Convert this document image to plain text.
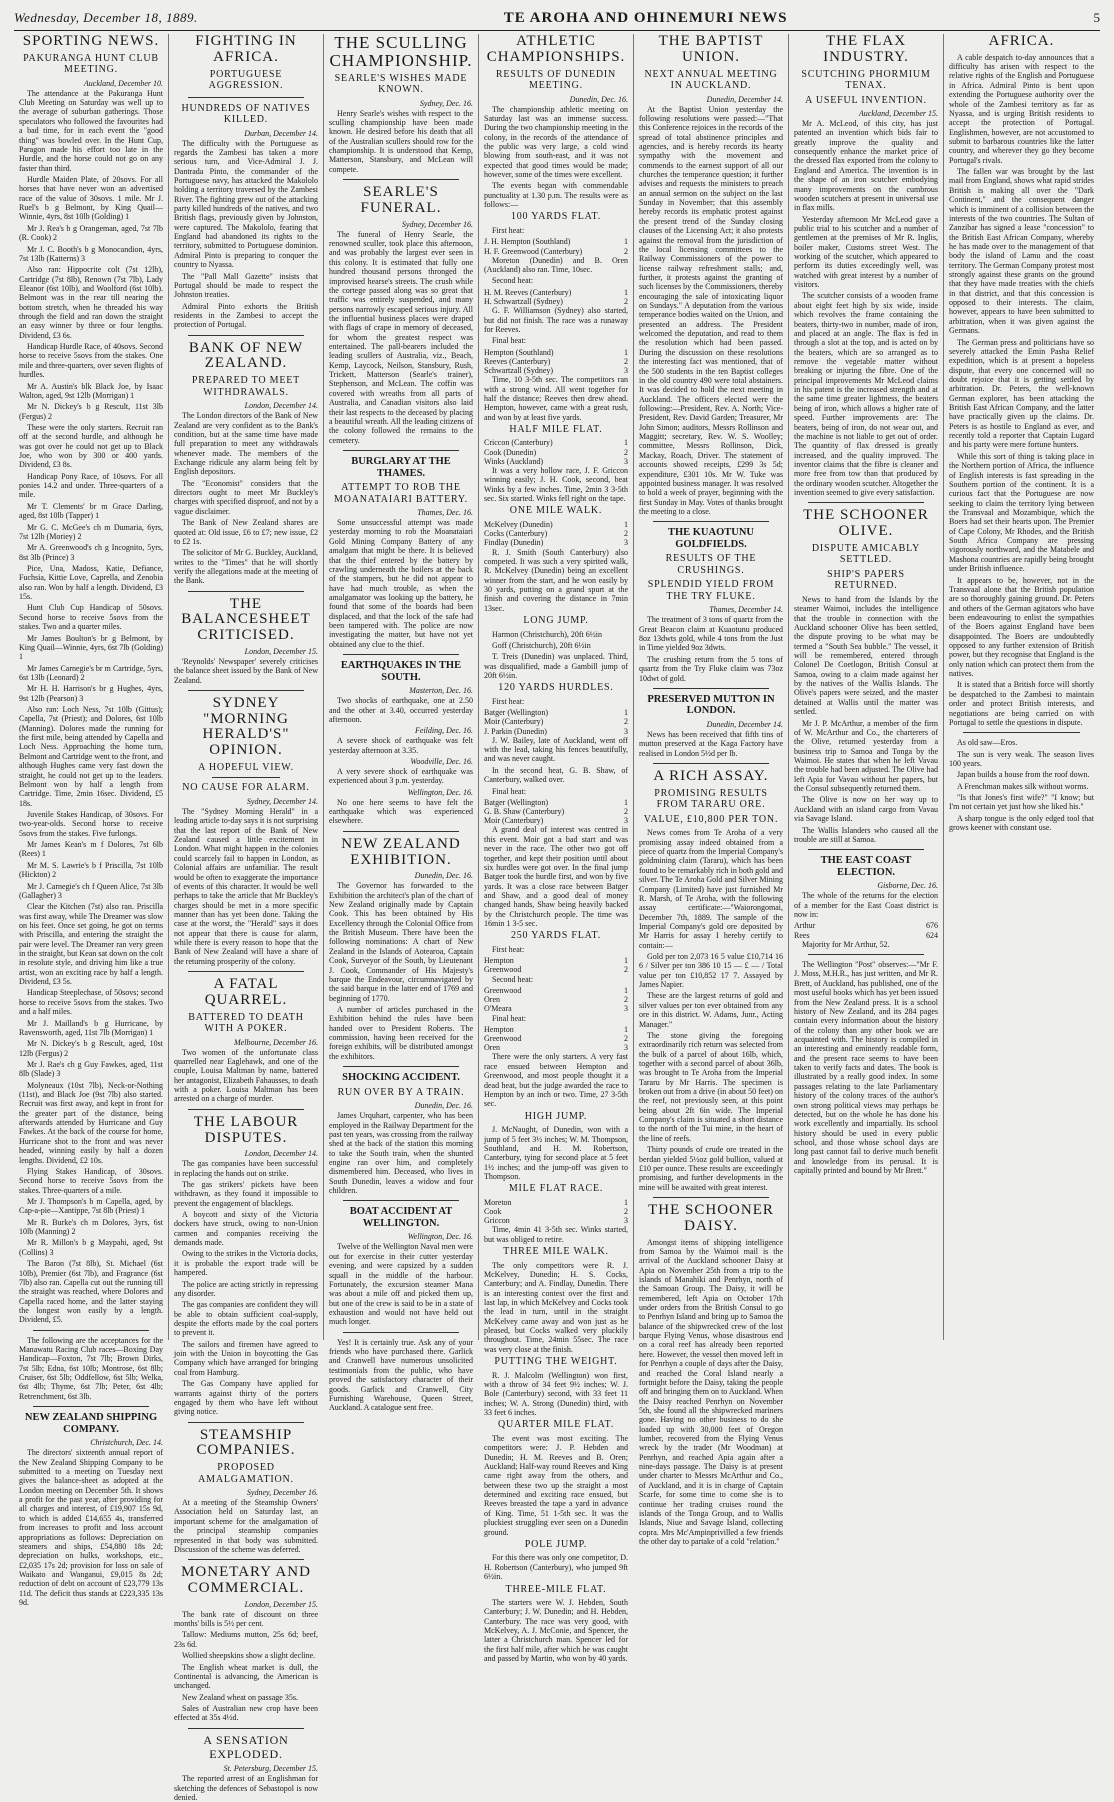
Wednesday, December 18, 1889.	TE AROHA AND OHINEMURI NEWS	5
SPORTING NEWS.
PAKURANGA HUNT CLUB MEETING.
Auckland, December 10.

The attendance at the Pakuranga Hunt Club Meeting on Saturday was well up to the average of suburban gatherings. Those speculators who followed the favourites had a bad time, for in each event the "good thing" was bowled over. In the Hunt Cup, Paragon made his effort too late in the Hurdle, and the horse could not go on any faster than third.

Hurdle Maiden Plate, of 20sovs. For all horses that have never won an advertised race of the value of 30sovs. 1 mile. Mr J. Ruel's b g Belmont, by King Quail—Winnie, 4yrs, 8st 10lb (Golding) 1

Mr J. Rea's b g Orangeman, aged, 7st 7lb (R. Cook) 2

Mr J. C. Booth's b g Monocandion, 4yrs, 7st 13lb (Katterns) 3

Also ran: Hippocrite colt (7st 12lb), Cartridge (7st 8lb), Renown (7st 7lb), Lady Eleanor (6st 10lb), and Woolford (6st 10lb). Belmont was in the rear till nearing the bottom stretch, when he threaded his way through the field and ran down the straight an easy winner by three or four lengths. Dividend, £3 6s.

Handicap Hurdle Race, of 40sovs. Second horse to receive 5sovs from the stakes. One mile and three-quarters, over seven flights of hurdles.

Mr A. Austin's blk Black Joe, by Isaac Walton, aged, 9st 12lb (Morrigan) 1

Mr N. Dickey's b g Rescult, 11st 3lb (Fergus) 2

These were the only starters. Recruit ran off at the second hurdle, and although he was got over he could not get up to Black Joe, who won by 300 or 400 yards. Dividend, £3 8s.

Handicap Pony Race, of 10sovs. For all ponies 14.2 and under. Three-quarters of a mile.

Mr T. Clements' br m Grace Darling, aged, 8st 10lb (Tapper) 1

Mr G. C. McGee's ch m Dumaria, 6yrs, 7st 12lb (Moriey) 2

Mr A. Greenwood's ch g Incognito, 5yrs, 8st 3lb (Prince) 3

Pice, Una, Madoss, Katie, Defiance, Fuchsia, Kittie Love, Caprella, and Zenobia also ran. Won by half a length. Dividend, £3 15s.

Hunt Club Cup Handicap of 50sovs. Second horse to receive 5sovs from the stakes. Two and a quarter miles.

Mr James Boulton's br g Belmont, by King Quail—Winnie, 4yrs, 6st 7lb (Golding) 1

Mr James Carnegie's br m Cartridge, 5yrs, 6st 13lb (Leonard) 2

Mr H. H. Harrison's br g Hughes, 4yrs, 9st 12lb (Pearson) 3

Also ran: Loch Ness, 7st 10lb (Gittus); Capella, 7st (Priest); and Dolores, 6st 10lb (Manning). Dolores made the running for the first mile, being attended by Capella and Loch Ness. Approaching the home turn, Belmont and Cartridge went to the front, and although Hughes came very fast down the straight, he could not get up to the leaders. Belmont won by half a length from Cartridge. Time, 2min 16sec. Dividend, £5 18s.

Juvenile Stakes Handicap, of 30sovs. For two-year-olds. Second horse to receive 5sovs from the stakes. Five furlongs.

Mr James Kean's m f Dolores, 7st 6lb (Rees) 1

Mr M. S. Lawrie's b f Priscilla, 7st 10lb (Hickton) 2

Mr J. Carnegie's ch f Queen Alice, 7st 3lb (Gallagher) 3

Clear the Kitchen (7st) also ran. Priscilla was first away, while The Dreamer was slow on his feet. Once set going, he got on terms with Priscilla, and entering the straight the pair were level. The Dreamer ran very green in the straight, but Kean sat down on the colt in resolute style, and driving him like a true artist, won an exciting race by half a length. Dividend, £3 5s.

Handicap Steeplechase, of 50sovs; second horse to receive 5sovs from the stakes. Two and a half miles.

Mr J. Mailland's b g Hurricane, by Ravensworth, aged, 11st 7lb (Morrigan) 1

Mr N. Dickey's b g Rescult, aged, 10st 12lb (Fergus) 2

Mr J. Rae's ch g Guy Fawkes, aged, 11st 8lb (Slade) 3

Molyneaux (10st 7lb), Neck-or-Nothing (11st), and Black Joe (9st 7lb) also started. Recruit was first away, and kept in front for the greater part of the distance, being afterwards attended by Hurricane and Guy Fawkes. At the back of the course for home, Hurricane shot to the front and was never headed, winning easily by half a dozen lengths. Dividend, £2 10s.

Flying Stakes Handicap, of 30sovs. Second horse to receive 5sovs from the stakes. Three-quarters of a mile.

Mr J. Thompson's b m Capella, aged, by Cap-a-pie—Xantippe, 7st 8lb (Priest) 1

Mr R. Burke's ch m Dolores, 3yrs, 6st 10lb (Manning) 2

Mr R. Millon's b g Maypahi, aged, 9st (Collins) 3

The Baron (7st 8lb), St. Michael (6st 10lb), Premier (6st 7lb), and Fragrance (6st 7lb) also ran. Capella cut out the running till the straight was reached, where Dolores and Capella raced home, and the latter staying the longest won easily by a length. Dividend, £5.

The following are the acceptances for the Manawatu Racing Club races—Boxing Day Handicap—Foxton, 7st 7lb; Brown Dirks, 7st 5lb; Edna, 6st 10lb; Montrose, 6st 8lb; Cruiser, 6st 5lb; Oddfellow, 6st 5lb; Welka, 6st 4lb; Thyme, 6st 7lb; Peter, 6st 4lb; Retrenchment, 6st 3lb.

NEW ZEALAND SHIPPING COMPANY.
Christchurch, Dec. 14.

The directors' sixteenth annual report of the New Zealand Shipping Company to be submitted to a meeting on Tuesday next gives the balance-sheet as adopted at the London meeting on December 5th. It shows a profit for the past year, after providing for all charges and interest, of £19,907 15s 9d, to which is added £14,655 4s, transferred from increases to profit and loss account appropriations as follows: Depreciation on steamers and ships, £54,880 18s 2d; depreciation on hulks, workshops, etc., £2,035 17s 2d; provision for loss on sale of Waikato and Wanganui, £9,015 8s 2d; reduction of debt on account of £23,779 13s 11d. The deficit thus stands at £223,335 13s 9d.

FIGHTING IN AFRICA.
PORTUGUESE AGGRESSION.
HUNDREDS OF NATIVES KILLED.
Durban, December 14.

The difficulty with the Portuguese as regards the Zambesi has taken a more serious turn, and Vice-Admiral J. J. Dantrada Pinto, the commander of the Portuguese navy, has attacked the Makololo holding a territory traversed by the Zambesi River. The fighting grew out of the attacking party killed hundreds of the natives, and two British flags, previously given by Johnston, were captured. The Makololo, fearing that England had abandoned its rights to the territory, submitted to Portuguese dominion. Admiral Pinto is preparing to conquer the country to Nyassa.

The "Pall Mall Gazette" insists that Portugal should be made to respect the Johnston treaties.

Admiral Pinto exhorts the British residents in the Zambesi to accept the protection of Portugal.

BANK OF NEW ZEALAND.
PREPARED TO MEET WITHDRAWALS.
London, December 14.

The London directors of the Bank of New Zealand are very confident as to the Bank's condition, but at the same time have made full preparation to meet any withdrawals whenever made. The members of the Exchange ridicule any alarm being felt by English depositors.

The "Economist" considers that the directors ought to meet Mr Buckley's charges with specified disproof, and not by a vague disclaimer.

The Bank of New Zealand shares are quoted at: Old issue, £6 to £7; new issue, £2 to £2 1s.

The solicitor of Mr G. Buckley, Auckland, writes to the "Times" that he will shortly verify the allegations made at the meeting of the Bank.

THE BALANCESHEET CRITICISED.
London, December 15.

'Reynolds' Newspaper' severely criticises the balance sheet issued by the Bank of New Zealand.

SYDNEY "MORNING HERALD'S" OPINION.
A HOPEFUL VIEW.
NO CAUSE FOR ALARM.
Sydney, December 14.

The "Sydney Morning Herald" in a leading article to-day says it is not surprising that the last report of the Bank of New Zealand caused a little excitement in London. What might happen in the colonies could scarcely fail to happen in London, as Colonial affairs are unfamiliar. The result would be often to exaggerate the importance of events of this character. It would be well perhaps to take the article that Mr Buckley's charges should be met in a more specific manner than has yet been done. Taking the case at the worst, the "Herald" says it does not appear that there is cause for alarm, while there is every reason to hope that the Bank of New Zealand will have a share of the returning prosperity of the colony.

A FATAL QUARREL.
BATTERED TO DEATH WITH A POKER.
Melbourne, December 16.

Two women of the unfortunate class quarrelled near Eaglehawk, and one of the couple, Louisa Maltman by name, battered her antagonist, Elizabeth Fahausses, to death with a poker. Louisa Maltman has been arrested on a charge of murder.

THE LABOUR DISPUTES.
London, December 14.

The gas companies have been successful in replacing the hands out on strike.

The gas strikers' pickets have been withdrawn, as they found it impossible to prevent the engagement of blacklegs.

A boycott and sixty of the Victoria dockers have struck, owing to non-Union carmen and companies receiving the demands made.

Owing to the strikes in the Victoria docks, it is probable the export trade will be hampered.

The police are acting strictly in repressing any disorder.

The gas companies are confident they will be able to obtain sufficient coal-supply, despite the efforts made by the coal porters to prevent it.

The sailors and firemen have agreed to join with the Union in boycotting the Gas Company which have arranged for bringing coal from Hamburg.

The Gas Company have applied for warrants against thirty of the porters engaged by them who have left without giving notice.

STEAMSHIP COMPANIES.
PROPOSED AMALGAMATION.
Sydney, December 16.

At a meeting of the Steamship Owners' Association held on Saturday last, an important scheme for the amalgamation of the principal steamship companies represented in that body was submitted. Discussion of the scheme was deferred.

MONETARY AND COMMERCIAL.
London, December 15.

The bank rate of discount on three months' bills is 5½ per cent.

Tallow: Mediums mutton, 25s 6d; beef, 23s 6d.

Wollied sheepskins show a slight decline.

The English wheat market is dull, the Continental is advancing, the American is unchanged.

New Zealand wheat on passage 35s.

Sales of Australian new crop have been effected at 35s 4½d.

A SENSATION EXPLODED.
St. Petersburg, December 15.

The reported arrest of an Englishman for sketching the defences of Sebastopol is now denied.

THE SCULLING CHAMPIONSHIP.
SEARLE'S WISHES MADE KNOWN.
Sydney, Dec. 16.

Henry Searle's wishes with respect to the sculling championship have been made known. He desired before his death that all of the Australian scullers should row for the championship. It is understood that Kemp, Matterson, Stansbury, and McLean will compete.

SEARLE'S FUNERAL.
Sydney, December 16.

The funeral of Henry Searle, the renowned sculler, took place this afternoon, and was probably the largest ever seen in this colony. It is estimated that fully one hundred thousand persons thronged the improvised hearse's streets. The crush while the cortege passed along was so great that traffic was entirely suspended, and many persons narrowly escaped serious injury. All the influential business places were draped with flags of crape in memory of deceased, for whom the greatest respect was entertained. The pall-bearers included the leading scullers of Australia, viz., Beach, Kemp, Laycock, Neilson, Stansbury, Rush, Trickett, Matterson (Searle's trainer), Stephenson, and McLean. The coffin was covered with wreaths from all parts of Australia, and Canadian visitors also laid their last respects to the deceased by placing a beautiful wreath. All the leading citizens of the colony followed the remains to the cemetery.

BURGLARY AT THE THAMES.
ATTEMPT TO ROB THE MOANATAIARI BATTERY.
Thames, Dec. 16.

Some unsuccessful attempt was made yesterday morning to rob the Moanataiari Gold Mining Company Battery of any amalgam that might be there. It is believed that the thief entered by the battery by crawling underneath the boilers at the back of the stampers, but he did not appear to have had much trouble, as when the amalgamator was looking up the battery, he found that some of the boards had been displaced, and that the lock of the safe had been tampered with. The police are now investigating the matter, but have not yet obtained any clue to the thief.

EARTHQUAKES IN THE SOUTH.
Masterton, Dec. 16.

Two shocks of earthquake, one at 2.50 and the other at 3.40, occurred yesterday afternoon.

Feilding, Dec. 16.

A severe shock of earthquake was felt yesterday afternoon at 3.35.

Woodville, Dec. 16.

A very severe shock of earthquake was experienced about 3 p.m. yesterday.

Wellington, Dec. 16.

No one here seems to have felt the earthquake which was experienced elsewhere.

NEW ZEALAND EXHIBITION.
Dunedin, Dec. 16.

The Governor has forwarded to the Exhibition the architect's plan of the chart of New Zealand originally made by Captain Cook. This has been obtained by His Excellency through the Colonial Office from the British Museum. There have been the following nominations: A chart of New Zealand in the Islands of Aotearoa, Captain Cook, Surveyor of the South, by Lieutenant J. Cook, Commander of His Majesty's barque the Endeavour, circumnavigated by the said barque in the latter end of 1769 and beginning of 1770.

A number of articles purchased in the Exhibition behind the rules have been handed over to President Roberts. The commission, having been received for the foreign exhibits, will be distributed amongst the exhibitors.

SHOCKING ACCIDENT.
RUN OVER BY A TRAIN.
Dunedin, Dec. 16.

James Urquhart, carpenter, who has been employed in the Railway Department for the past ten years, was crossing from the railway shed at the back of the station this morning to take the South train, when the shunted engine ran over him, and completely dismembered him. Deceased, who lives in South Dunedin, leaves a widow and four children.

BOAT ACCIDENT AT WELLINGTON.
Wellington, Dec. 16.

Twelve of the Wellington Naval men were out for exercise in their cutter yesterday evening, and were capsized by a sudden squall in the middle of the harbour. Fortunately, the excursion steamer Mana was about a mile off and picked them up, but one of the crew is said to be in a state of exhaustion and would not have held out much longer.

Yes! It is certainly true. Ask any of your friends who have purchased there. Garlick and Cranwell have numerous unsolicited testimonials from the public, who have proved the satisfactory character of their goods. Garlick and Cranwell, City Furnishing Warehouse, Queen Street, Auckland. A catalogue sent free.

ATHLETIC CHAMPIONSHIPS.
RESULTS OF DUNEDIN MEETING.
Dunedin, Dec. 16.

The championship athletic meeting on Saturday last was an immense success. During the two championship meeting in the colony, in the records of the attendance of the public was very large, a cold wind blowing from south-east, and it was not expected that good times would be made; however, some of the times were excellent.

The events began with commendable punctuality at 1.30 p.m. The results were as follows:—

100 YARDS FLAT.

First heat:

J. H. Hempton (Southland)	1
H. F. Greenwood (Canterbury)	2

Moreton (Dunedin) and B. Oren (Auckland) also ran. Time, 10sec.

Second heat:

H. M. Reeves (Canterbury)	1
H. Schwartzall (Sydney)	2

G. F. Williamson (Sydney) also started, but did not finish. The race was a runaway for Reeves.

Final heat:

Hempton (Southland)	1
Reeves (Canterbury)	2
Schwartzall (Sydney)	3

Time, 10 3-5th sec. The competitors ran with a strong wind. All went together for half the distance; Reeves then drew ahead. Hempton, however, came with a great rush, and won by at least five yards.

HALF MILE FLAT.
Criccon (Canterbury)	1
Cook (Dunedin)	2
Winks (Auckland)	3

It was a very hollow race, J. F. Griccon winning easily; J. H. Cook, second, beat Winks by a few inches. Time, 2min 3 3-5th sec. Six started. Winks fell right on the tape.

ONE MILE WALK.
McKelvey (Dunedin)	1
Cocks (Canterbury)	2
Findlay (Dunedin)	3

R. J. Smith (South Canterbury) also competed. It was such a very spirited walk, R. McKelvey (Dunedin) being an excellent winner from the start, and he won easily by 30 yards, putting on a grand spurt at the finish and covering the distance in 7min 13sec.

LONG JUMP.

Harmon (Christchurch), 20ft 6½in

Goff (Christchurch), 20ft 6½in

T. Treis (Dunedin) was unplaced. Third, was disqualified, made a Gambill jump of 20ft 6½in.

120 YARDS HURDLES.

First heat:

Batger (Wellington)	1
Moir (Canterbury)	2
J. Parkin (Dunedin)	3

J. W. Bailey, late of Auckland, went off with the lead, taking his fences beautifully, and was never caught.

In the second heat, G. B. Shaw, of Canterbury, walked over.

Final heat:

Batger (Wellington)	1
G. B. Shaw (Canterbury)	2
Moir (Canterbury)	3

A grand deal of interest was centred in this event. Moir got a bad start and was never in the race. The other two got off together, and kept their position until about six hurdles were got over. In the final jump Batger took the hurdle first, and won by five yards. It was a close race between Batger and Shaw, and a good deal of money changed hands, Shaw being heavily backed by the Christchurch people. The time was 16min 1 3-5 sec.

250 YARDS FLAT.

First heat:

Hempton	1
Greenwood	2

Second heat:

Greenwood	1
Oren	2
O'Meara	3

Final heat:

Hempton	1
Greenwood	2
Oren	3

There were the only starters. A very fast race ensued between Hempton and Greenwood, and most people thought it a dead heat, but the judge awarded the race to Hempton by an inch or two. Time, 27 3-5th sec.

HIGH JUMP.

J. McNaught, of Dunedin, won with a jump of 5 feet 3½ inches; W. M. Thompson, Southland, and H. M. Robertson, Canterbury, tying for second place at 5 feet 1½ inches; and the jump-off was given to Thompson.

MILE FLAT RACE.
Moreton	1
Cook	2
Griccon	3

Time, 4min 41 3-5th sec. Winks started, but was obliged to retire.

THREE MILE WALK.

The only competitors were R. J. McKelvey, Dunedin; H. S. Cocks, Canterbury; and A. Findlay, Dunedin. There is an interesting contest over the first and last lap, in which McKelvey and Cocks took the lead in turn, until in the straight McKelvey came away and won just as he pleased, but Cocks walked very pluckily throughout. Time, 24min 55sec. The race was very close at the finish.

PUTTING THE WEIGHT.

R. J. Malcolm (Wellington) won first, with a throw of 34 feet 9½ inches; W. J. Bole (Canterbury) second, with 33 feet 11 inches; W. A. Strong (Dunedin) third, with 33 feet 6 inches.

QUARTER MILE FLAT.

The event was most exciting. The competitors were: J. P. Hebden and Dunedin; H. M. Reeves and B. Oren; Auckland; Half-way round Reeves and King came right away from the others, and between these two up the straight a most determined and exciting race ensued, but Reeves breasted the tape a yard in advance of King. Time, 51 1-5th sec. It was the pluckiest struggling ever seen on a Dunedin ground.

POLE JUMP.

For this there was only one competitor, D. H. Robertson (Canterbury), who jumped 9ft 6½in.

THREE-MILE FLAT.

The starters were W. J. Hebden, South Canterbury; J. W. Dunedin; and H. Hebden, Canterbury. The race was very good, with McKelvey, A. J. McConie, and Spencer, the latter a Christchurch man. Spencer led for the first half mile, after which he was caught and passed by Martin, who won by 40 yards.

THE BAPTIST UNION.
NEXT ANNUAL MEETING IN AUCKLAND.
Dunedin, December 14.

At the Baptist Union yesterday the following resolutions were passed:—"That this Conference rejoices in the records of the spread of total abstinence principles and agencies, and is hereby records its hearty sympathy with the movement and commends to the earnest support of all our churches the temperance question; it further advises and requests the ministers to preach an annual sermon on the subject on the last Sunday in November; that this assembly hereby records its emphatic protest against the present trend of the Sunday closing clauses of the Licensing Act; it also protests against the removal from the jurisdiction of the local licensing committees to the Railway Commissioners of the power to license railway refreshment stalls; and, further, it protests against the granting of such licenses by the Commissioners, thereby encouraging the sale of intoxicating liquor on Sundays." A deputation from the various temperance bodies waited on the Union, and presented an address. The President welcomed the deputation, and read to them the resolution which had been passed. During the discussion on these resolutions the interesting fact was mentioned, that of the 500 students in the ten Baptist colleges in the old country 490 were total abstainers. It was decided to hold the next meeting in Auckland. The officers elected were the following:—President, Rev. A. North; Vice-President, Rev. David Garden; Treasurer, Mr John Simon; auditors, Messrs Rollinson and Maggitt; secretary, Rev. W. S. Woolley; committee, Messrs Rollinson, Dick, Mackay, Roach, Driver. The statement of accounts showed receipts, £299 3s 5d; expenditure, £301 10s. Mr W. Tuke was appointed business manager. It was resolved to hold a week of prayer, beginning with the first Sunday in May. Votes of thanks brought the meeting to a close.

THE KUAOTUNU GOLDFIELDS.
RESULTS OF THE CRUSHINGS.
SPLENDID YIELD FROM THE TRY FLUKE.
Thames, December 14.

The treatment of 3 tons of quartz from the Great Beacon claim at Kuaotunu produced 8oz 13dwts gold, while 4 tons from the Just in Time yielded 9oz 3dwts.

The crushing return from the 5 tons of quartz from the Try Fluke claim was 73oz 10dwt of gold.

PRESERVED MUTTON IN LONDON.
Dunedin, December 14.

News has been received that fifth tins of mutton preserved at the Kaga Factory have realised in London 5½d per lb.

A RICH ASSAY.
PROMISING RESULTS FROM TARARU ORE.
VALUE, £10,800 PER TON.

News comes from Te Aroha of a very promising assay indeed obtained from a piece of quartz from the Imperial Company's goldmining claim (Tararu), which has been found to be remarkably rich in both gold and silver. The Te Aroha Gold and Silver Mining Company (Limited) have just furnished Mr R. Marsh, of Te Aroha, with the following assay certificate:—"Waiorongomai, December 7th, 1889. The sample of the Imperial Company's gold ore deposited by Mr Harris for assay I hereby certify to contain:—

Gold per ton 2,073 16 5 value £10,714 16 6 / Silver per ton 386 10 15 — £ — / Total value per ton £10,852 17 7. Assayed by James Napier.

These are the largest returns of gold and silver values per ton ever obtained from any ore in this district. W. Adams, Junr., Acting Manager."

The stone giving the foregoing extraordinarily rich return was selected from the bulk of a parcel of about 16lb, which, together with a second parcel of about 36lb, was brought to Te Aroha from the Imperial Tararu by Mr Harris. The specimen is broken out from a drive (in about 50 feet) on the reef, not previously seen, at this point being about 2ft 6in wide. The Imperial Company's claim is situated a short distance to the north of the Tui mine, in the heart of the line of reefs.

Thirty pounds of crude ore treated in the berdan yielded 5½oz gold bullion, valued at £10 per ounce. These results are exceedingly promising, and further developments in the mine will be awaited with great interest.

THE SCHOONER DAISY.

Amongst items of shipping intelligence from Samoa by the Waimoi mail is the arrival of the Auckland schooner Daisy at Apia on November 25th from a trip to the islands of Manahiki and Penrhyn, north of the Samoan Group. The Daisy, it will be remembered, left Apia on October 17th under orders from the British Consul to go to Penrhyn Island and bring up to Samoa the balance of the shipwrecked crew of the lost barque Flying Venus, whose disastrous end on a coral reef has already been reported here. However, the vessel then moved left in for Penrhyn a couple of days after the Daisy, and reached the Coral Island nearly a fortnight before the Daisy, taking the people off and bringing them on to Auckland. When the Daisy reached Penrhyn on November 5th, she found all the shipwrecked mariners gone. Having no other business to do she loaded up with 30,000 feet of Oregon lumber, recovered from the Flying Venus wreck by the trader (Mr Woodman) at Penrhyn, and reached Apia again after a nine-days passage. The Daisy is at present under charter to Messrs McArthur and Co., of Auckland, and it is in charge of Captain Scarfe, for some time to come she is to continue her trading cruises round the islands of the Tonga Group, and to Wallis Islands, Niue and Savage Island, collecting copra. Mrs Mc'Ampinprivilled a few friends the other day to partake of a cold "relation."

THE FLAX INDUSTRY.
SCUTCHING PHORMIUM TENAX.
A USEFUL INVENTION.
Auckland, December 15.

Mr A. McLeod, of this city, has just patented an invention which bids fair to greatly improve the quality and consequently enhance the market price of the dressed flax exported from the colony to England and America. The invention is in the shape of an iron scutcher embodying many improvements on the cumbrous wooden scutchers at present in universal use in flax mills.

Yesterday afternoon Mr McLeod gave a public trial to his scutcher and a number of gentlemen at the premises of Mr R. Inglis, boiler maker, Customs street West. The working of the scutcher, which appeared to perform its duties exceedingly well, was watched with great interest by a number of visitors.

The scutcher consists of a wooden frame about eight feet high by six wide, inside which revolves the frame containing the beaters, thirty-two in number, made of iron, and placed at an angle. The flax is fed in through a slot at the top, and is acted on by the beaters, which are so arranged as to remove the vegetable matter without breaking or injuring the fibre. One of the principal improvements Mr McLeod claims in his patent is the increased strength and at the same time greater lightness, the beaters being of iron, which allows a higher rate of speed. Further improvements are: The beaters, being of iron, do not wear out, and the machine is not liable to get out of order. The quantity of flax dressed is greatly increased, and the quality improved. The inventor claims that the fibre is cleaner and more free from tow than that produced by the ordinary wooden scutcher. Altogether the invention seemed to give every satisfaction.

THE SCHOONER OLIVE.
DISPUTE AMICABLY SETTLED.
SHIP'S PAPERS RETURNED.

News to hand from the Islands by the steamer Waimoi, includes the intelligence that the trouble in connection with the Auckland schooner Olive has been settled, the dispute proving to be what may be termed a "South Sea bubble." The vessel, it will be remembered, entered through Colonel De Coetlogon, British Consul at Samoa, owing to a claim made against her by the natives of the Wallis Islands. The Olive's papers were seized, and the master detained at Wallis until the matter was settled.

Mr J. P. McArthur, a member of the firm of W. McArthur and Co., the charterers of the Olive, returned yesterday from a business trip to Samoa and Tonga by the Waimoi. He states that when he left Vavau the trouble had been adjusted. The Olive had left Apia for Vavau without her papers, but the Consul subsequently returned them.

The Olive is now on her way up to Auckland with an island cargo from Vavau via Savage Island.

The Wallis Islanders who caused all the trouble are still at Samoa.

THE EAST COAST ELECTION.
Gisborne, Dec. 16.

The whole of the returns for the election of a member for the East Coast district is now in:

Arthur	676
Rees	624

Majority for Mr Arthur, 52.

The Wellington "Post" observes:—"Mr F. J. Moss, M.H.R., has just written, and Mr R. Brett, of Auckland, has published, one of the most useful books which has yet been issued from the New Zealand press. It is a school history of New Zealand, and its 284 pages contain every information about the history of the colony than any other book we are acquainted with. The history is compiled in an interesting and eminently readable form, and the present race seems to have been taken to verify facts and dates. The book is illustrated by a really good index. In some passages relating to the late Parliamentary history of the colony traces of the author's own strong political views may perhaps be detected, but on the whole he has done his work excellently and impartially. Its school history should be used in every public school, and those whose school days are long past cannot fail to derive much benefit and knowledge from its perusal. It is capitally printed and bound by Mr Brett."

AFRICA.

A cable despatch to-day announces that a difficulty has arisen with respect to the relative rights of the English and Portuguese in Africa. Admiral Pinto is bent upon extending the Portuguese authority over the whole of the Zambesi territory as far as Nyassa, and is urging British residents to accept the protection of Portugal. Englishmen, however, are not accustomed to submit to barbarous countries like the latter country, and wherever they go they become Portugal's rivals.

The fallen war was brought by the last mail from England, shows what rapid strides British is making all over the "Dark Continent," and the consequent danger which is imminent of a collision between the interests of the two countries. The Sultan of Zanzibar has signed a lease "concession" to the British East African Company, whereby he has made over to the management of that body the island of Lamu and the coast territory. The German Company protest most strongly against these grants on the ground that they have made treaties with the chiefs in that district, and that this concession is opposed to their interests. The claim, however, appears to have been submitted to arbitration, when it was given against the Germans.

The German press and politicians have so severely attacked the Emin Pasha Relief expedition, which is at present a hopeless dispute, that every one concerned will no doubt rejoice that it is getting settled by arbitration. Dr. Peters, the well-known German explorer, has been attacking the British East African Company, and the latter have practically given up the claims. Dr. Peters is as hostile to England as ever, and recently told a reporter that Captain Lugard and his party were mere fortune hunters.

While this sort of thing is taking place in the Northern portion of Africa, the influence of English interests is fast spreading in the Southern portion of the continent. It is a curious fact that the Portuguese are now seeking to claim the territory lying between the Transvaal and Mozambique, which the Boers had set their hearts upon. The Premier of Cape Colony, Mr Rhodes, and the British South Africa Company are pressing vigorously northward, and the Matabele and Mashona countries are rapidly being brought under British influence.

It appears to be, however, not in the Transvaal alone that the British population are so thoroughly gaining ground. Dr. Peters and others of the German agitators who have been endeavouring to enlist the sympathies of the Boers against England have been disappointed. The Boers are undoubtedly opposed to any further extension of British power, but they recognise that England is the only nation which can protect them from the natives.

It is stated that a British force will shortly be despatched to the Zambesi to maintain order and protect British interests, and negotiations are being carried on with Portugal to settle the questions in dispute.

As old saw—Eros.

The sun is very weak. The season lives 100 years.

Japan builds a house from the roof down.

A Frenchman makes silk without worms.

"Is that Jones's first wife?" "I know; but I'm not certain yet just how she liked his."

A sharp tongue is the only edged tool that grows keener with constant use.
